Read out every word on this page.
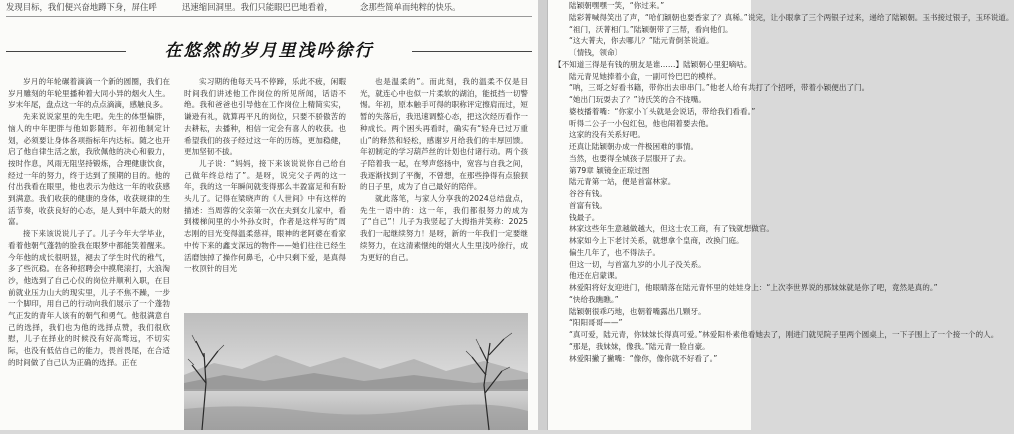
发现目标，我们便兴奋地蹲下身，屏住呼	迅速缩回洞里。我们只能眼巴巴地看着，	念那些简单而纯粹的快乐。
在悠然的岁月里浅吟徐行

岁月的年轮碾着滴滴一个新的圆圈，我们在岁月雕刻的年轮里播种着大同小异的烟火人生。岁末年尾，盘点这一年的点点滴滴，感触良多。

先来说说家里的先生吧。先生的体型偏胖，恼人的中年肥胖与他如影随形。年初他制定计划，必须要让身体各项指标年内达标。随之也开启了他自律生活之旅，我欣佩他的决心和毅力，按时作息，风雨无阻坚持锻炼，合理健康饮食，经过一年的努力，终于达到了预期的目的。他的付出我看在眼里，他也表示为他这一年的收获感到满意。我们收获的健康的身体，收获规律的生活节奏，收获良好的心态，是人到中年最大的财富。

接下来该说说儿子了。儿子今年大学毕业，看着他朝气蓬勃的脸我在眼梦中都能笑着醒来。今年他的成长很明显，褪去了学生时代的稚气，多了些沉稳。在各种招聘会中摸爬滚打，大浪淘沙，他选到了自己心仪的岗位并顺利入职，在目前就业压力山大的现实里，儿子不焦不躁，一步一个脚印，用自己的行动向我们展示了一个蓬勃气正发的青年人该有的朝气和勇气。他很满意自己的选择，我们也为他的选择点赞，我们很欣慰，儿子在择业的时候没有好高骛远，不切实际，也没有低估自己的能力，畏首畏尾，在合适的时间做了自己认为正确的选择。正在

实习期的他每天马不停蹄，乐此不疲，闲暇时间我们讲述他工作岗位的所见所闻，话语不绝。我和爸爸也引导他在工作岗位上精简实实，谦逊有礼，就算再平凡的岗位，只要不骄傲苦的去耕耘，去播种，相信一定会有喜人的收获。也希望我们的孩子经过这一年的历练，更加稳健，更加坚韧不拔。

儿子说：“妈妈，接下来该说说你自己给自己做年终总结了”。是呀，说完父子两的这一年，我的这一年瞬间就变得那么丰盈富足和有盼头儿了。记得在梁晓声的《人世间》中有这样的描述：当周蓉的父亲第一次在夫到女儿家中，看到楼梯间里的小外孙女时，作者是这样写的“周志刚的目光变得温柔慈祥，眼神的老阿婆在看家中传下来的鑫支深远的物件——她们往往已经生活磨蚀掉了操作何鼻毛，心中只剩下爱，是真得一枚顶针的目光

也是温柔的”。而此刻，我的温柔不仅是目光，就连心中也似一片柔软的湖泊，能抵挡一切警惕。年初，原本触手可得的职称评定擦肩而过，短暂的失落后，我迅速调整心态，把这次经历看作一种成长。两个困头再看时，确实有“轻舟已过万重山”的释然和轻松，感谢岁月给我们的丰厚回馈。年初制定的学习葫芦丝的计划也付诸行动。两个孩子陪着我一起，在琴声悠扬中，宽容与自我之间，我逐渐找到了平衡，不曾想，在那些挣得有点狼狈的日子里，成为了自己最好的陪伴。

就此落笔，与家人分享我的2024总结盘点，先生一语中的：这一年，我们都很努力的成为了“自己”！儿子为我竖起了大拇指并笑称：2025我们一起继续努力！是呀，新的一年我们一定要继续努力，在这清素惬纯的烟火人生里浅吟徐行，成为更好的自己。

陆颖朝嘿嘿一笑，“你过来。”

陆彩菁喊得笑出了声，“哈们颖朝也要香家了？真稀。”说完，让小眼拿了三个两银子过来，递给了陆颖朝。玉书接过银子，玉环说道。

“祖门，沃菁相门。”陆颖朝带了三帮，看向他们。

“这大菁夫，你去哪儿？”陆元青倒茶说道。

〔情钱，领命〕

【不知道三得是有钱的朋友是谁……】陆颖朝心里犯嘀咕。

陆元青见她捧着小盒，一副可怜巴巴的模样。

“呐，三哥之好看书籍，带你出去串串门。”他老人给有共打了个招呼，带着小颖便出了门。

“她出门玩耍去了？”诗氏笑的合不拢嘴。

婆枝播着嘴：“你家小丫头就是会说话，带给我们看看。”

听得二公子一小包红包，他也闹着要去他。

这家的没有关系好吧。

还真让陆颖朝办成一件极困难的事情。

当然，也要得全城孩子层服开了去。

第79章 颖镜金正琼过图

陆元青第一站，便是首富林家。

谷谷有钱。

首富有钱。

钱最子。

林家这些年生意越做越大，但这士农工商，有了钱就想做官。

林家如今上下老讨关系，就想拿个皇商，改换门庭。

偏生几年了，也不得法子。

但这一切，与首富九岁的小儿子没关系。

他还在启蒙课。

林爱阳将好友迎进门，他眼睛落在陆元青怀里的娃娃身上：“上次李世界说的那妹妹就是你了吧，竟然是真的。”

“快给我瞧瞧。”

陆颖朝很乖巧地，也朝着嘴露出几颗牙。

“阳阳哥哥——”

“真可爱，陆元青，你妹妹长得真可爱。”林爱阳朴素他看她去了，刚进门就见院子里两个圆桌上，一下子围上了一个接一个的人。

“那是，我妹妹，像我。”陆元青一脸自豪。

林爱阳撇了撇嘴：“像你，像你就不好看了。”
